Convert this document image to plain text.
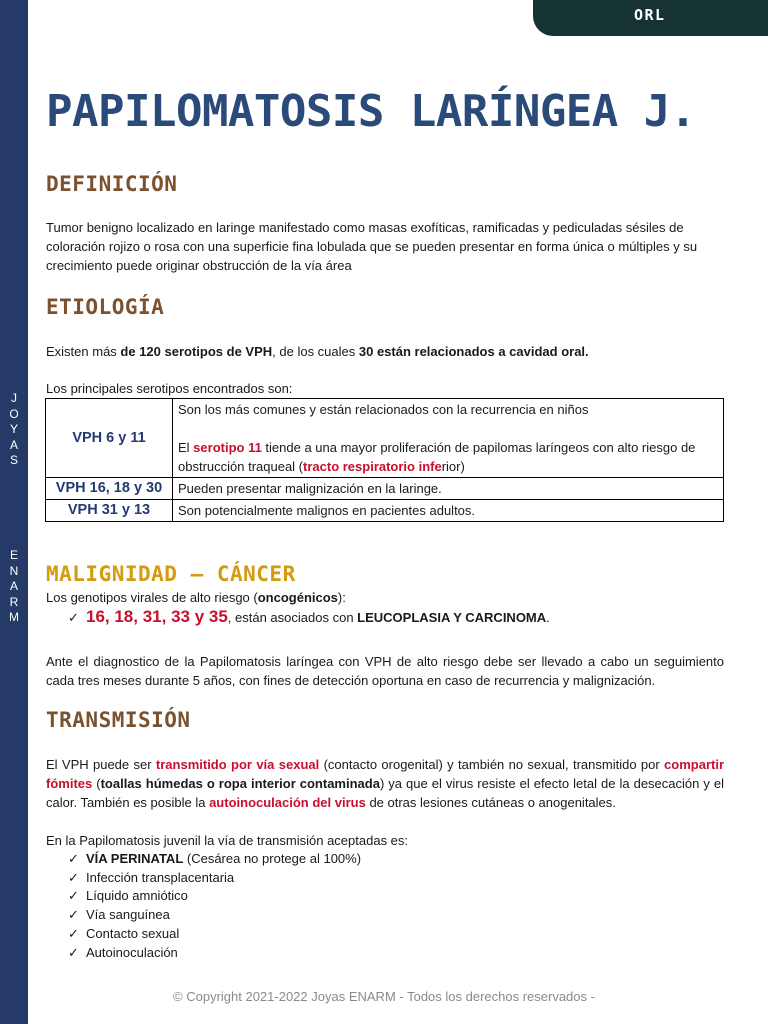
J
O
Y
A
S
E
N
A
R
M
ORL
PAPILOMATOSIS LARÍNGEA J.
DEFINICIÓN

Tumor benigno localizado en laringe manifestado como masas exofíticas, ramificadas y pediculadas sésiles de coloración rojizo o rosa con una superficie fina lobulada que se pueden presentar en forma única o múltiples y su crecimiento puede originar obstrucción de la vía área

ETIOLOGÍA

Existen más de 120 serotipos de VPH, de los cuales 30 están relacionados a cavidad oral.

Los principales serotipos encontrados son:

VPH 6 y 11	Son los más comunes y están relacionados con la recurrencia en niños
El serotipo 11 tiende a una mayor proliferación de papilomas laríngeos con alto riesgo de obstrucción traqueal (tracto respiratorio inferior)

VPH 16, 18 y 30	Pueden presentar malignización en la laringe.
VPH 31 y 13	Son potencialmente malignos en pacientes adultos.
MALIGNIDAD – CÁNCER

Los genotipos virales de alto riesgo (oncogénicos):

✓ 16, 18, 31, 33 y 35, están asociados con LEUCOPLASIA Y CARCINOMA.

Ante el diagnostico de la Papilomatosis laríngea con VPH de alto riesgo debe ser llevado a cabo un seguimiento cada tres meses durante 5 años, con fines de detección oportuna en caso de recurrencia y malignización.

TRANSMISIÓN

El VPH puede ser transmitido por vía sexual (contacto orogenital) y también no sexual, transmitido por compartir fómites (toallas húmedas o ropa interior contaminada) ya que el virus resiste el efecto letal de la desecación y el calor. También es posible la autoinoculación del virus de otras lesiones cutáneas o anogenitales.

En la Papilomatosis juvenil la vía de transmisión aceptadas es:

✓ VÍA PERINATAL (Cesárea no protege al 100%)
✓ Infección transplacentaria
✓ Líquido amniótico
✓ Vía sanguínea
✓ Contacto sexual
✓ Autoinoculación
© Copyright 2021-2022 Joyas ENARM - Todos los derechos reservados -
